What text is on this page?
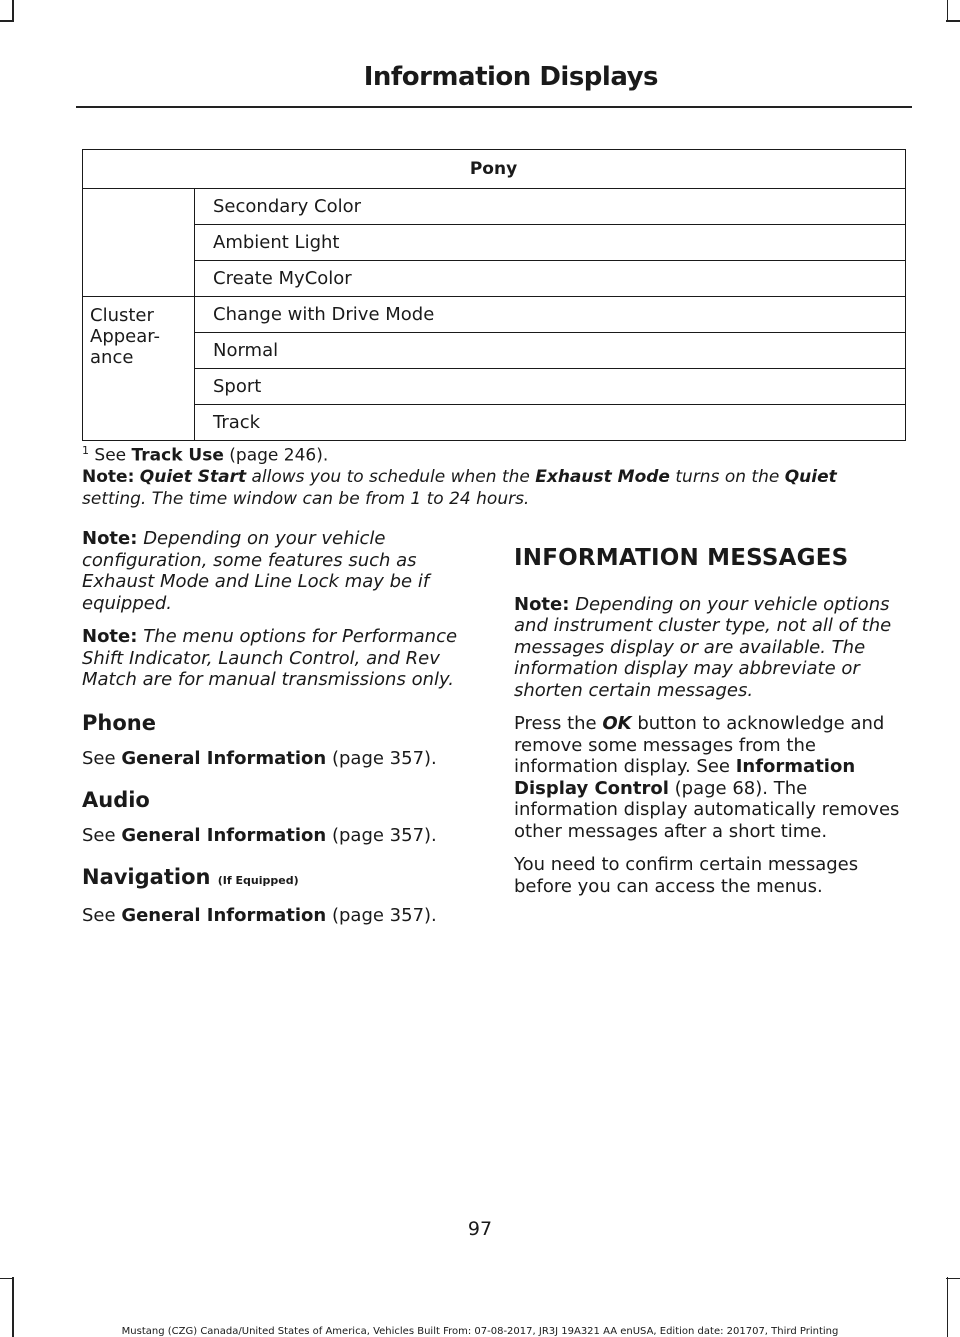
Information Displays
Pony	
	Secondary Color
	Ambient Light
	Create MyColor
Cluster Appear-ance	Change with Drive Mode
	Normal
	Sport
	Track
$^1$ See Track Use (page 246).
Note: Quiet Start allows you to schedule when the Exhaust Mode turns on the Quiet setting. The time window can be from 1 to 24 hours.

Note: Depending on your vehicle configuration, some features such as Exhaust Mode and Line Lock may be if equipped.

Note: The menu options for Performance Shift Indicator, Launch Control, and Rev Match are for manual transmissions only.

Phone

See General Information (page 357).

Audio

See General Information (page 357).

Navigation (If Equipped)

See General Information (page 357).

INFORMATION MESSAGES

Note: Depending on your vehicle options and instrument cluster type, not all of the messages display or are available. The information display may abbreviate or shorten certain messages.

Press the OK button to acknowledge and remove some messages from the information display. See Information Display Control (page 68). The information display automatically removes other messages after a short time.

You need to confirm certain messages before you can access the menus.

97
Mustang (CZG) Canada/United States of America, Vehicles Built From: 07-08-2017, JR3J 19A321 AA enUSA, Edition date: 201707, Third Printing
